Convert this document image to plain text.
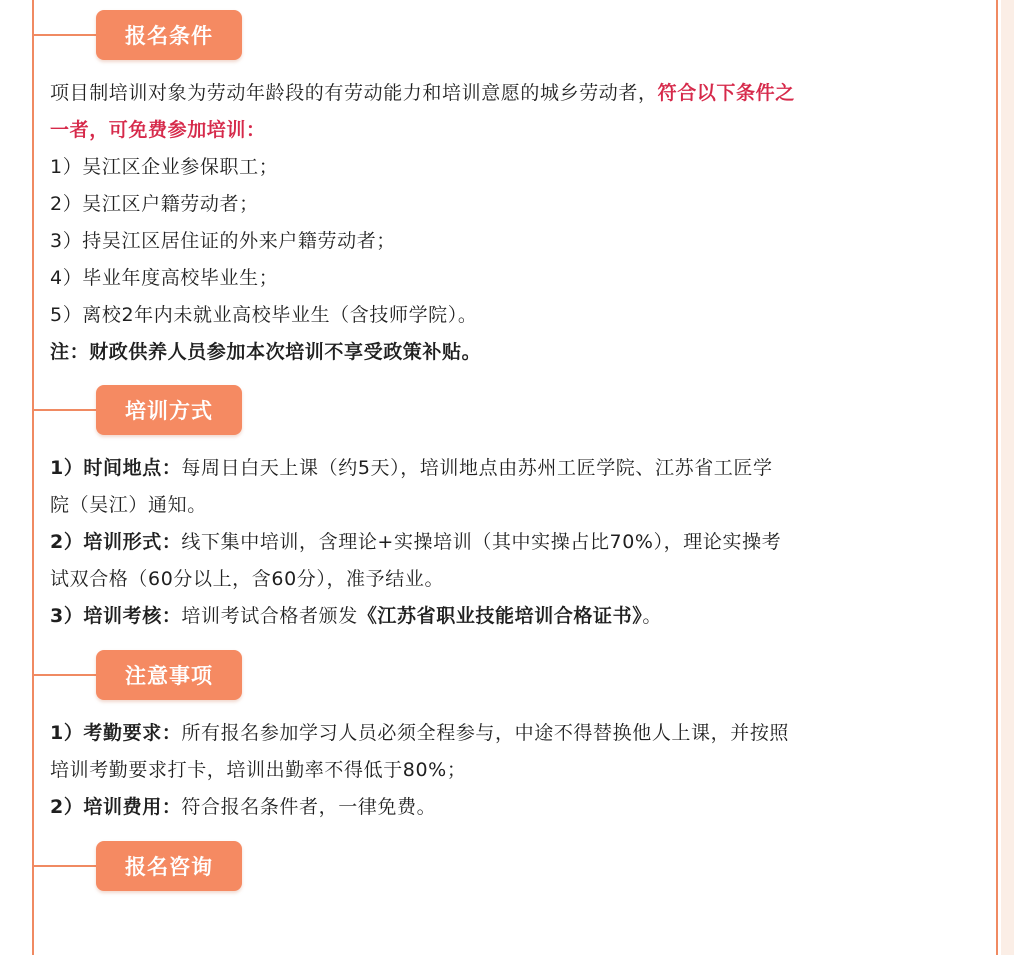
报名条件

项目制培训对象为劳动年龄段的有劳动能力和培训意愿的城乡劳动者，符合以下条件之
一者，可免费参加培训：

1）吴江区企业参保职工；

2）吴江区户籍劳动者；

3）持吴江区居住证的外来户籍劳动者；

4）毕业年度高校毕业生；

5）离校2年内未就业高校毕业生（含技师学院）。

注：财政供养人员参加本次培训不享受政策补贴。

培训方式

1）时间地点：每周日白天上课（约5天），培训地点由苏州工匠学院、江苏省工匠学
院（吴江）通知。

2）培训形式：线下集中培训，含理论+实操培训（其中实操占比70%），理论实操考
试双合格（60分以上，含60分），准予结业。

3）培训考核：培训考试合格者颁发《江苏省职业技能培训合格证书》。

注意事项

1）考勤要求：所有报名参加学习人员必须全程参与，中途不得替换他人上课，并按照
培训考勤要求打卡，培训出勤率不得低于80%；

2）培训费用：符合报名条件者，一律免费。

报名咨询
